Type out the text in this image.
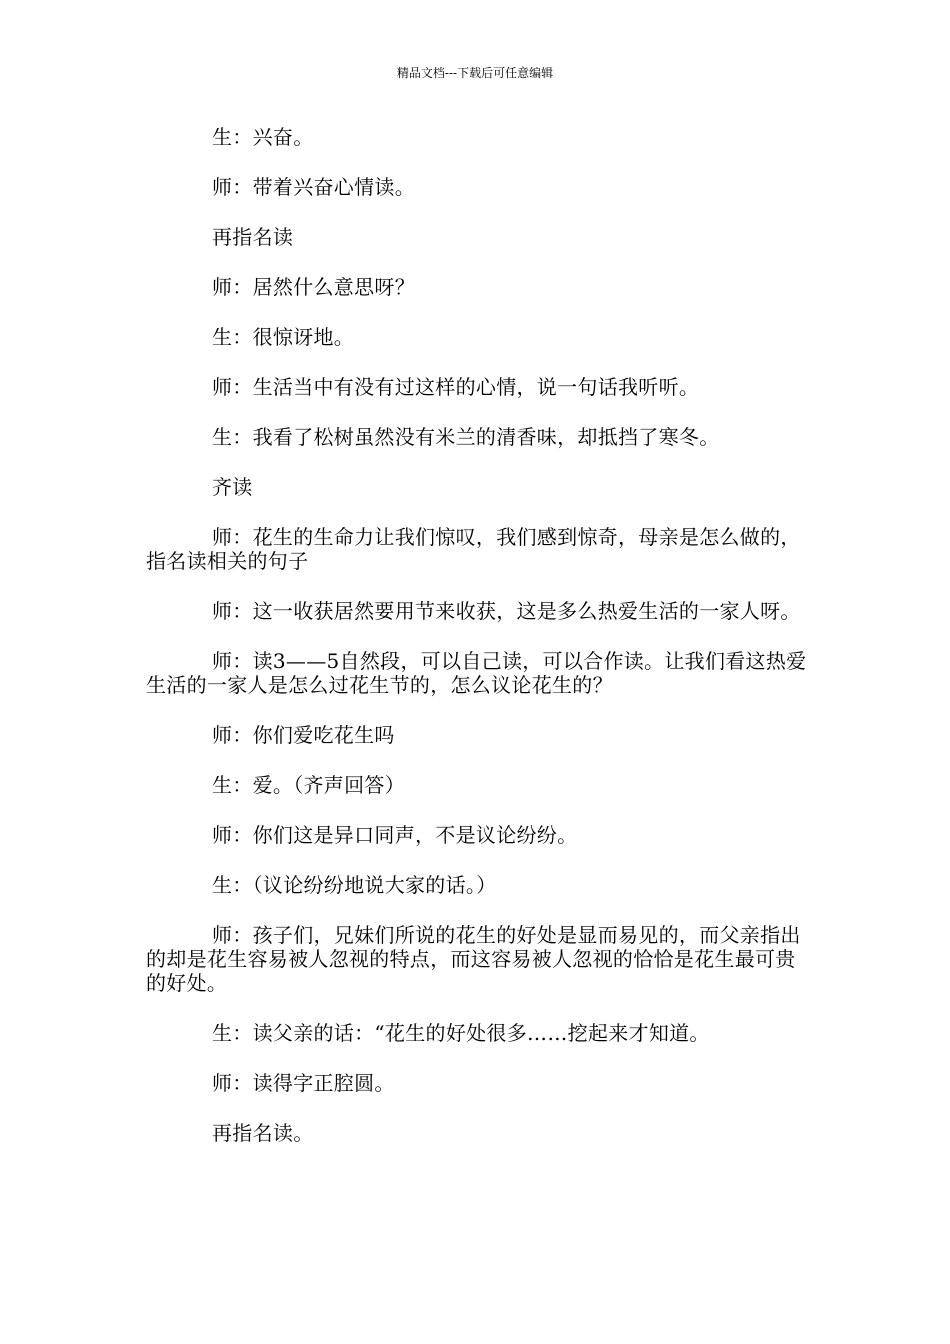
精品文档---下载后可任意编辑

生：兴奋。

师：带着兴奋心情读。

再指名读

师：居然什么意思呀？

生：很惊讶地。

师：生活当中有没有过这样的心情，说一句话我听听。

生：我看了松树虽然没有米兰的清香味，却抵挡了寒冬。

齐读

师：花生的生命力让我们惊叹，我们感到惊奇，母亲是怎么做的，指名读相关的句子

师：这一收获居然要用节来收获，这是多么热爱生活的一家人呀。

师：读3——5自然段，可以自己读，可以合作读。让我们看这热爱生活的一家人是怎么过花生节的，怎么议论花生的？

师：你们爱吃花生吗

生：爱。（齐声回答）

师：你们这是异口同声，不是议论纷纷。

生：（议论纷纷地说大家的话。）

师：孩子们，兄妹们所说的花生的好处是显而易见的，而父亲指出的却是花生容易被人忽视的特点，而这容易被人忽视的恰恰是花生最可贵的好处。

生：读父亲的话：“花生的好处很多……挖起来才知道。

师：读得字正腔圆。

再指名读。
